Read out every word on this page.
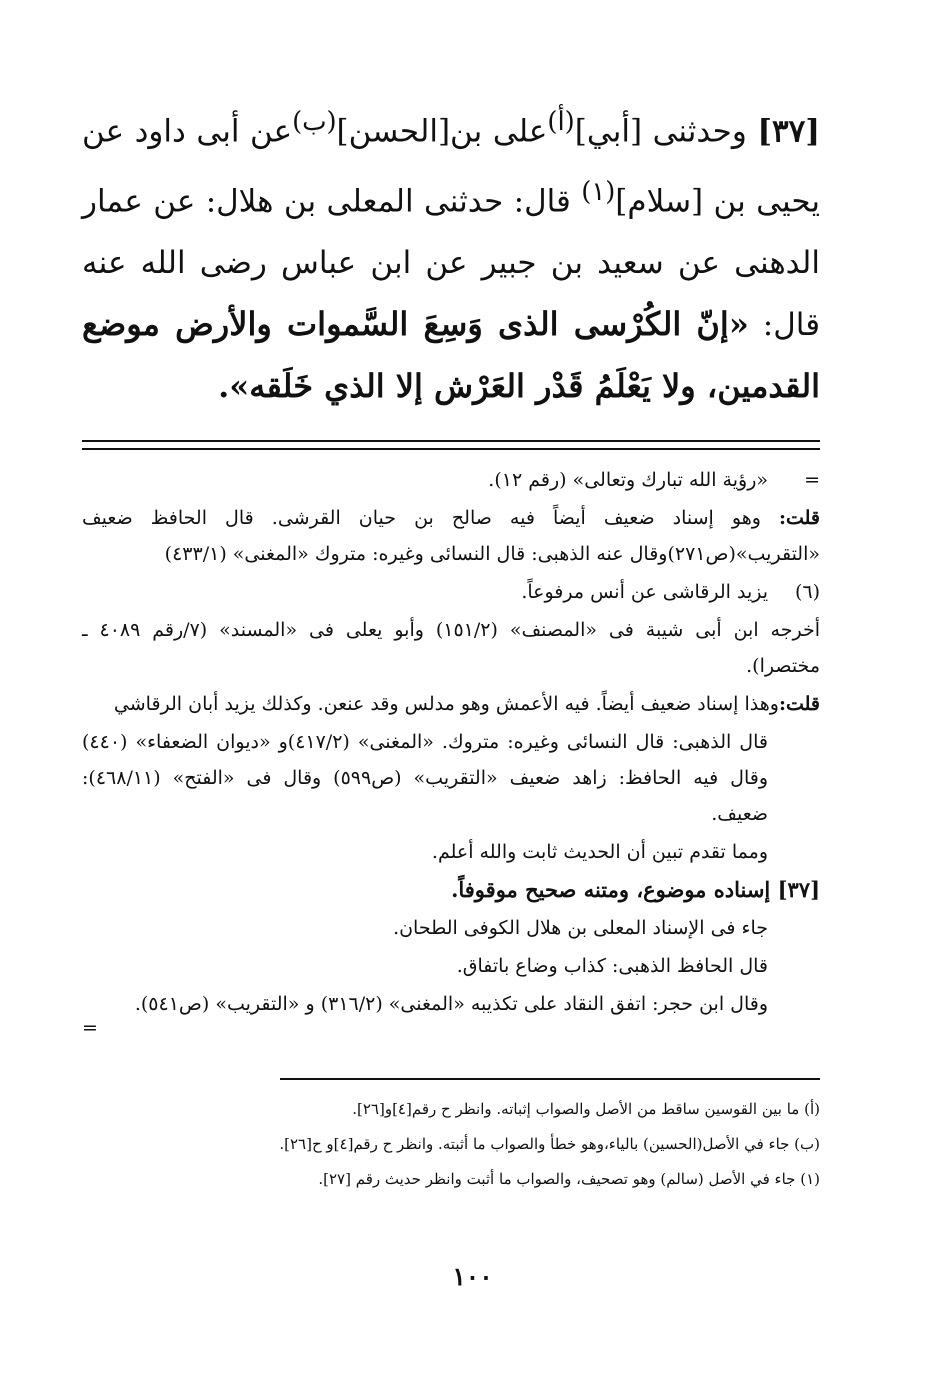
[٣٧] وحدثنى [أبي]$^{(أ)}$على بن[الحسن]$^{(ب)}$عن أبى داود عن يحيى بن [سلام]$^{(١)}$ قال: حدثنى المعلى بن هلال: عن عمار الدهنى عن سعيد بن جبير عن ابن عباس رضى الله عنه قال: «إنّ الكُرْسى الذى وَسِعَ السَّموات والأرض موضع القدمين، ولا يَعْلَمُ قَدْر العَرْش إلا الذي خَلَقه».

=
«رؤية الله تبارك وتعالى» (رقم ١٢).

قلت: وهو إسناد ضعيف أيضاً فيه صالح بن حيان القرشى. قال الحافظ ضعيف «التقريب»(ص٢٧١)وقال عنه الذهبى: قال النسائى وغيره: متروك «المغنى» (٤٣٣/١)

(٦)
يزيد الرقاشى عن أنس مرفوعاً.

أخرجه ابن أبى شيبة فى «المصنف» (١٥١/٢) وأبو يعلى فى «المسند» (٧/رقم ٤٠٨٩ ـ مختصرا).

قلت:وهذا إسناد ضعيف أيضاً. فيه الأعمش وهو مدلس وقد عنعن. وكذلك يزيد أبان الرقاشي

قال الذهبى: قال النسائى وغيره: متروك. «المغنى» (٤١٧/٢)و «ديوان الضعفاء» (٤٤٠) وقال فيه الحافظ: زاهد ضعيف «التقريب» (ص٥٩٩) وقال فى «الفتح» (٤٦٨/١١): ضعيف.

ومما تقدم تبين أن الحديث ثابت والله أعلم.

[٣٧] إسناده موضوع، ومتنه صحيح موقوفاً.

جاء فى الإسناد المعلى بن هلال الكوفى الطحان.

قال الحافظ الذهبى: كذاب وضاع باتفاق.

وقال ابن حجر: اتفق النقاد على تكذيبه «المغنى» (٣١٦/٢) و «التقريب» (ص٥٤١).

=

(أ) ما بين القوسين ساقط من الأصل والصواب إثباته. وانظر ح رقم[٤]و[٢٦].

(ب) جاء في الأصل(الحسين) بالياء،وهو خطأ والصواب ما أثبته. وانظر ح رقم[٤]و ح[٢٦].

(١) جاء في الأصل (سالم) وهو تصحيف، والصواب ما أثبت وانظر حديث رقم [٢٧].

١٠٠
